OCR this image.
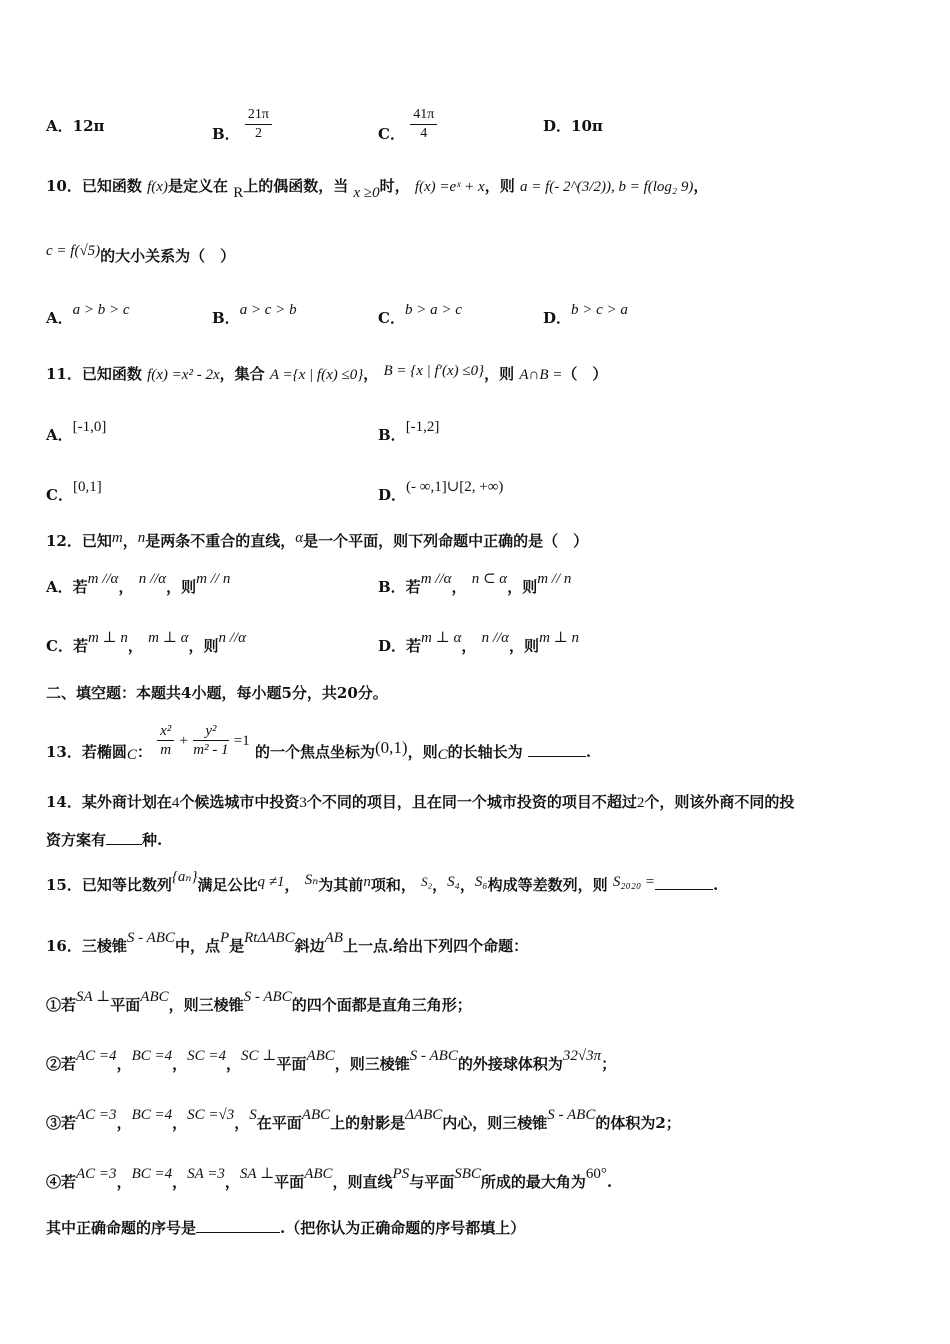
A．12π	B． $\frac{21\pi}{2}$	C． $\frac{41\pi}{4}$	D．10π
10．已知函数 f(x)是定义在 R上的偶函数，当 x ≥0时， f(x) =eˣ + x，则 a = f(- 2^(3/2)), b = f(log₂ 9)，
c = f(√5)的大小关系为（　）
A．a > b > c	B．a > c > b	C．b > a > c	D．b > c > a
11．已知函数 f(x) =x² - 2x，集合 A ={x | f(x) ≤0}， B = {x | f′(x) ≤0}，则 A∩B =（　）
A．[-1,0]	B．[-1,2]
C．[0,1]	D．(- ∞,1]∪[2, +∞)
12．已知m，n是两条不重合的直线，α是一个平面，则下列命题中正确的是（　）
A．若m //α， n //α，则m // n	B．若m //α， n ⊂ α，则m // n
C．若m ⊥ n， m ⊥ α，则n //α	D．若m ⊥ α， n //α，则m ⊥ n
二、填空题：本题共4小题，每小题5分，共20分。
13．若椭圆C： $\frac{\text{x²}}{m} + \frac{\text{y²}}{\text{m² - 1}} =1$ 的一个焦点坐标为(0,1)，则C的长轴长为	.
14．某外商计划在4个候选城市中投资3个不同的项目，且在同一个城市投资的项目不超过2个，则该外商不同的投
资方案有 种.
15．已知等比数列{aₙ}满足公比q ≠1， Sₙ为其前n项和， S₂，S₄，S₆构成等差数列，则 S₂₀₂₀ =	.
16．三棱锥S - ABC中，点P是RtΔABC斜边AB上一点.给出下列四个命题：
①若SA ⊥平面ABC，则三棱锥S - ABC的四个面都是直角三角形；
②若AC =4，BC =4，SC =4，SC ⊥平面ABC，则三棱锥S - ABC的外接球体积为32√3π；
③若AC =3，BC =4，SC =√3，S在平面ABC上的射影是ΔABC内心，则三棱锥S - ABC的体积为2；
④若AC =3，BC =4，SA =3，SA ⊥平面ABC，则直线PS与平面SBC所成的最大角为60°.
其中正确命题的序号是	.（把你认为正确命题的序号都填上）
